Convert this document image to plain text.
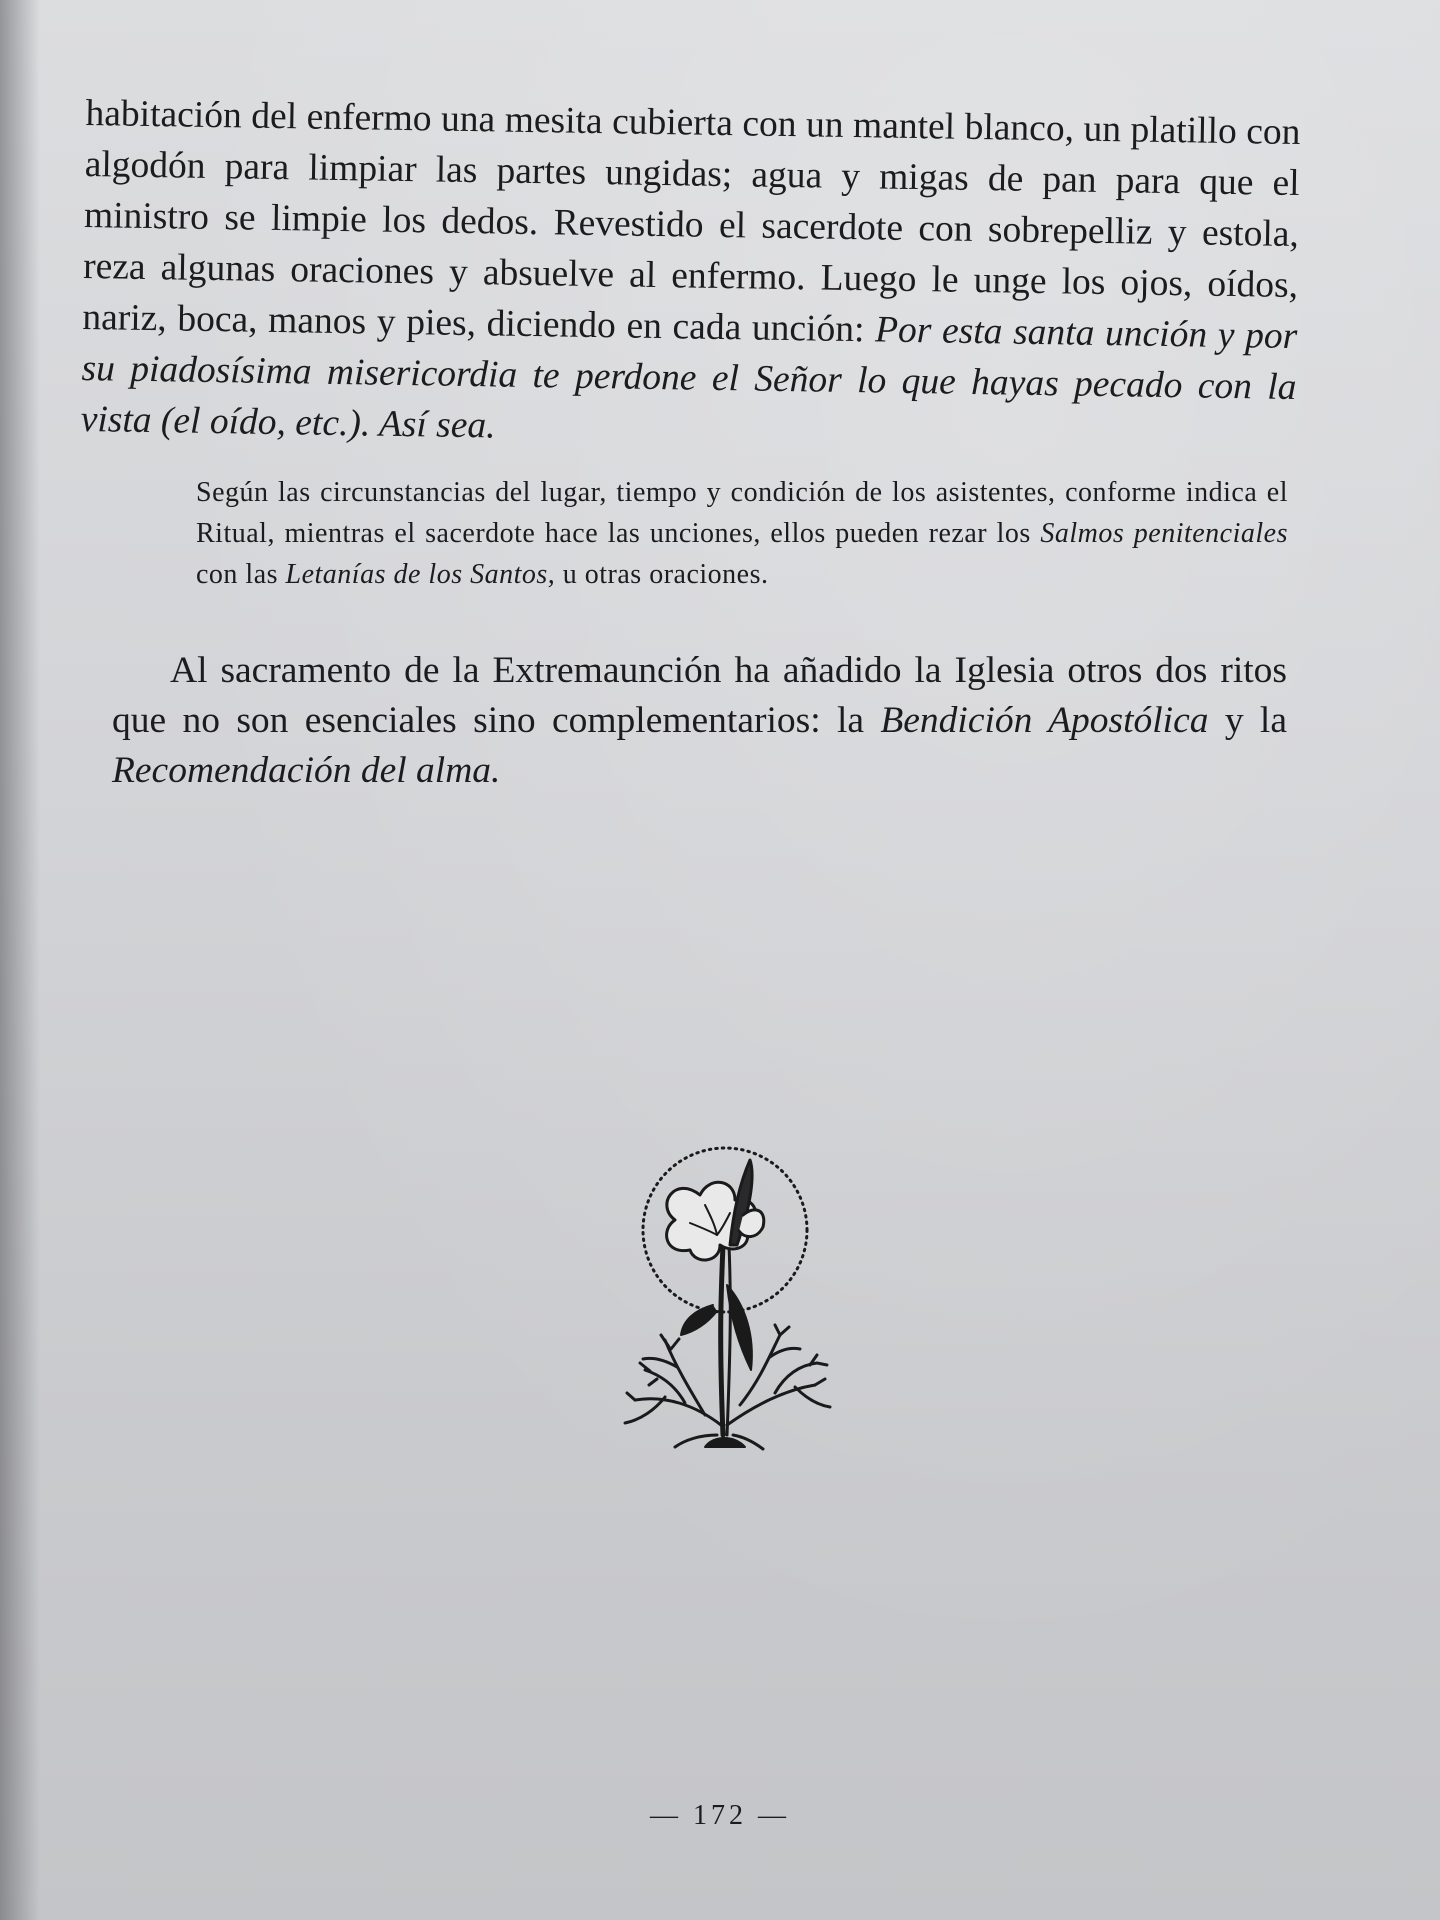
habitación del enfermo una mesita cubierta con un mantel blanco, un platillo con algodón para limpiar las partes ungidas; agua y migas de pan para que el ministro se limpie los dedos. Revestido el sacerdote con sobrepelliz y estola, reza algunas oraciones y absuelve al enfermo. Luego le unge los ojos, oídos, nariz, boca, manos y pies, diciendo en cada unción: Por esta santa unción y por su piadosísima misericordia te perdone el Señor lo que hayas pecado con la vista (el oído, etc.). Así sea.

Según las circunstancias del lugar, tiempo y condición de los asistentes, conforme indica el Ritual, mientras el sacerdote hace las unciones, ellos pueden rezar los Salmos penitenciales con las Letanías de los Santos, u otras oraciones.

Al sacramento de la Extremaunción ha añadido la Iglesia otros dos ritos que no son esenciales sino complementarios: la Bendición Apostólica y la Recomendación del alma.

— 172 —
